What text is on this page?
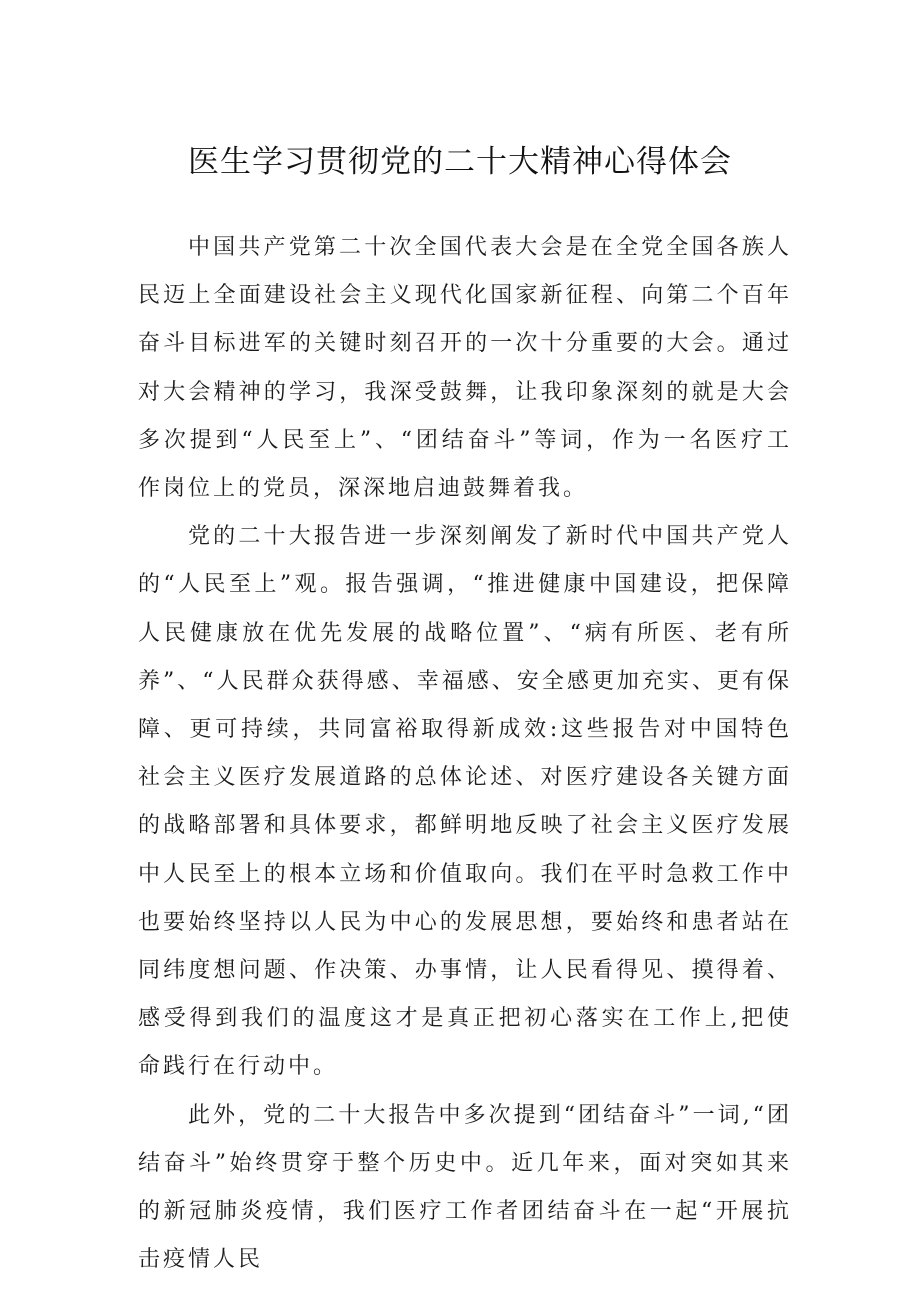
医生学习贯彻党的二十大精神心得体会

中国共产党第二十次全国代表大会是在全党全国各族人民迈上全面建设社会主义现代化国家新征程、向第二个百年奋斗目标进军的关键时刻召开的一次十分重要的大会。通过对大会精神的学习，我深受鼓舞，让我印象深刻的就是大会多次提到“人民至上”、“团结奋斗”等词，作为一名医疗工作岗位上的党员，深深地启迪鼓舞着我。

党的二十大报告进一步深刻阐发了新时代中国共产党人的“人民至上”观。报告强调，“推进健康中国建设，把保障人民健康放在优先发展的战略位置”、“病有所医、老有所养”、“人民群众获得感、幸福感、安全感更加充实、更有保障、更可持续，共同富裕取得新成效:这些报告对中国特色社会主义医疗发展道路的总体论述、对医疗建设各关键方面的战略部署和具体要求，都鲜明地反映了社会主义医疗发展中人民至上的根本立场和价值取向。我们在平时急救工作中也要始终坚持以人民为中心的发展思想，要始终和患者站在同纬度想问题、作决策、办事情，让人民看得见、摸得着、感受得到我们的温度这才是真正把初心落实在工作上,把使命践行在行动中。

此外，党的二十大报告中多次提到“团结奋斗”一词,“团结奋斗”始终贯穿于整个历史中。近几年来，面对突如其来的新冠肺炎疫情，我们医疗工作者团结奋斗在一起“开展抗击疫情人民
